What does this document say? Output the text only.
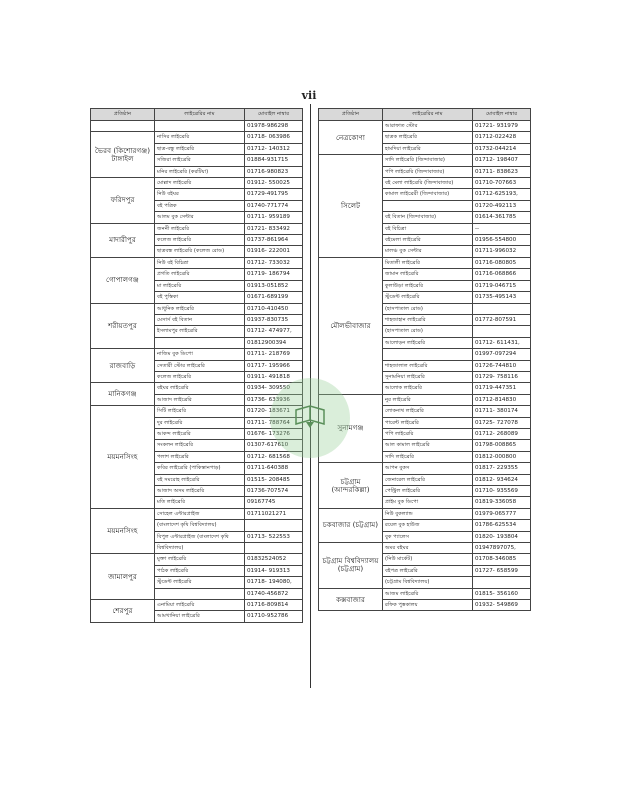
vii
প্রতিষ্ঠান	লাইব্রেরির নাম	মোবাইল নাম্বার
		01978-986298
ভৈরব (কিশোরগঞ্জ) টাঙ্গাইল	নাসির লাইব্রেরি	01718- 063986
	ছাত্র-বন্ধু লাইব্রেরি	01712- 140312
	সজিরা লাইব্রেরি	01884-931715
	মনির লাইব্রেরি (করটিয়া)	01716-980823
ফরিদপুর	মোল্লাদ লাইব্রেরি	01912- 550025
	নিউ বইঘর	01729-491795
	বই পত্রিক	01740-771774
	আলম বুক সেন্টার	01711- 959189
মাদারীপুর	জননী লাইব্রেরি	01721- 833492
	কলেজ লাইব্রেরি	01737-861964
	ছাত্রবন্ধ লাইব্রেরি (কলেজ রোড)	01916- 222001
গোপালগঞ্জ	নিউ বই বিচিত্রা	01712- 733032
	প্রগতি লাইব্রেরি	01719- 186794
	মা লাইব্রেরি	01913-051852
	বই পুস্তিকা	01671-689199
শরীয়তপুর	আধুনিক লাইব্রেরি	01710-410450
	মেসার্স বই বিতান	01937-830735
	ইসলামপুর লাইব্রেরি	01712- 474977,
		01812900394
রাজবাড়ি	নাজিম বুক ডিপো	01711- 218769
	সেতারী স্টোর লাইব্রেরি	01717- 195966
	কলেজ লাইব্রেরি	01911- 491818
মানিকগঞ্জ	বইঘর লাইব্রেরি	01934- 309550
	আজাদ লাইব্রেরি	01736- 633936
ময়মনসিংহ	সিটি লাইব্রেরি	01720- 183671
	দুর লাইব্রেরি	01711- 788764
	আকন্দ লাইব্রেরি	01676- 173276
	সংকলন লাইব্রেরি	01307-617610
	পলাশ লাইব্রেরি	01712- 681568
	কবির লাইব্রেরি (পাকিস্তানপাড়)	01711-640388
	বই সমরোহ লাইব্রেরি	01515- 208485
	আজাদ অসম লাইব্রেরি	01736-707574
	মতি লাইব্রেরি	09167745
ময়মনসিংহ	সোহেল এন্টারপ্রাইজ	01711021271
	(বাংলাদেশ কৃষি বিশ্ববিদ্যালয়)	
	বিপুল এন্টারপ্রাইজ (বাংলাদেশ কৃষি	01713- 522553
	বিশ্ববিদ্যালয়)	
জামালপুর	মুক্তা লাইব্রেরি	01832524052
	পাঠক লাইব্রেরি	01914- 919313
	স্টুডেন্ট লাইব্রেরি	01718- 194080,
		01740-456872
শেরপুর	এনামিয়া লাইব্রেরি	01716-809814
	আমখানিয়া লাইব্রেরি	01710-952786
প্রতিষ্ঠান	লাইব্রেরির নাম	মোবাইল নাম্বার
নেত্রকোণা	আরাফাত স্টোর	01721- 931979
	ছাত্রক লাইব্রেরি	01712-022428
	হামদিয়া লাইব্রেরি	01732-044214
সিলেট	সাদি লাইব্রেরি (জিন্দাবাজার)	01712- 198407
	পপি লাইব্রেরি (জিন্দাবাজার)	01711- 838623
	বই মেলা লাইব্রেরি (জিন্দাবাজার)	01710-707663
	কামাল লাইব্রেরী (জিন্দাবাজার)	01712-625193,
		01720-492113
	বই বিতান (জিন্দাবাজার)	01614-361785
	বই বিচিত্রা	--
	বইমেলা লাইব্রেরি	01956-554800
	মালঞ্চ বুক সেন্টার	01711-996032
মৌলভীবাজার	মিতালী লাইব্রেরি	01716-080805
	জামান লাইব্রেরি	01716-068866
	কুলাউড়া লাইব্রেরি	01719-046715
	স্টুডেন্ট লাইব্রেরি	01735-495143
	(হাসপাতাল রোড)	
	শাহজাহান লাইব্রেরি	01772-807591
	(হাসপাতাল রোড)	
	আলোড়ন লাইব্রেরি	01712- 611431,
		01997-097294
	শাহজালাল লাইব্রেরি	01726-744810
	সুনামনিয়া লাইব্রেরি	01729- 758116
	আলোক লাইব্রেরি	01719-447351
সুনামগঞ্জ	নুর লাইব্রেরি	01712-814830
	লোকনাথ লাইব্রেরি	01711- 380174
	পারেন্ট লাইব্রেরি	01725- 727078
	পপি লাইব্রেরি	01712- 268089
	আল কামাল লাইব্রেরি	01798-008865
	সাদি লাইব্রেরি	01812-000800
চট্টগ্রাম (আন্দরকিল্লা)	আপন বুকস	01817- 229355
	জেনারেল লাইব্রেরি	01812- 934624
	পেন্ট্রিল লাইব্রেরি	01710- 935569
	প্রাইম বুক ডিপো	01819-336058
চকবাজার (চট্টগ্রাম)	নিউ বুকল্যান্ড	01979-065777
	রয়েল বুক হাউজ	01786-625534
	বুক প্যালেস	01820- 193804
চট্টগ্রাম বিশ্ববিদ্যালয় (চট্টগ্রাম)	অমর বইঘর	01947897075,
	(নিউ মার্কেট)	01708-346085
	বইপত্র লাইব্রেরি	01727- 658599
	(চট্টগ্রাম বিশ্ববিদ্যালয়)	
কক্সবাজার	আজম লাইব্রেরি	01815- 356160
	রফিক পুস্তকালয়	01932- 549869
